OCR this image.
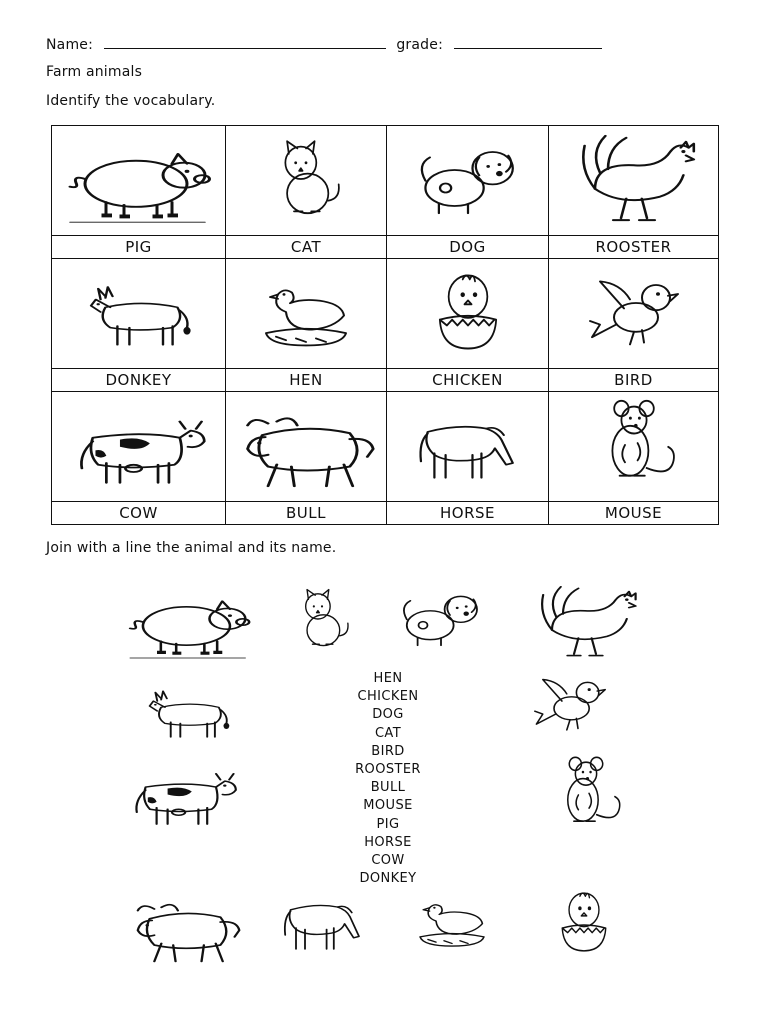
Name:	grade:
Farm animals
Identify the vocabulary.

PIG	CAT	DOG	ROOSTER

DONKEY	HEN	CHICKEN	BIRD

COW	BULL	HORSE	MOUSE
Join with a line the animal and its name.
HEN
CHICKEN
DOG
CAT
BIRD
ROOSTER
BULL
MOUSE
PIG
HORSE
COW
DONKEY
